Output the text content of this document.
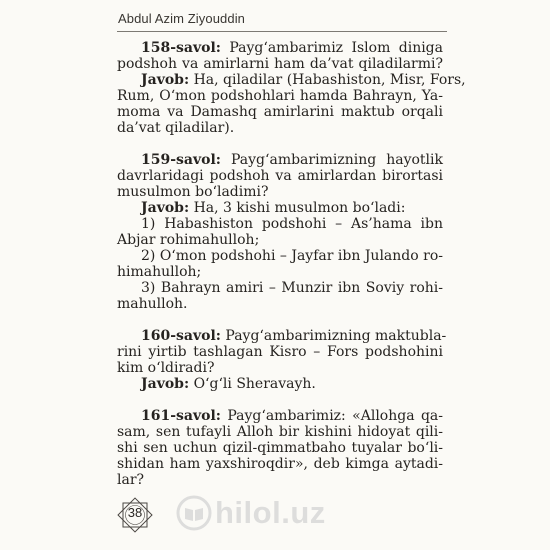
Abdul Azim Ziyouddin
158-savol: Payg‘ambarimiz Islom diniga
podshoh va amirlarni ham da’vat qiladilarmi?
Javob: Ha, qiladilar (Habashiston, Misr, Fors,
Rum, O‘mon podshohlari hamda Bahrayn, Ya-
moma va Damashq amirlarini maktub orqali
da’vat qiladilar).
159-savol: Payg‘ambarimizning hayotlik
davrlaridagi podshoh va amirlardan birortasi
musulmon bo‘ladimi?
Javob: Ha, 3 kishi musulmon bo‘ladi:
1) Habashiston podshohi – As’hama ibn
Abjar rohimahulloh;
2) O‘mon podshohi – Jayfar ibn Julando ro-
himahulloh;
3) Bahrayn amiri – Munzir ibn Soviy rohi-
mahulloh.
160-savol: Payg‘ambarimizning maktubla-
rini yirtib tashlagan Kisro – Fors podshohini
kim o‘ldiradi?
Javob: O‘g‘li Sheravayh.
161-savol: Payg‘ambarimiz: «Allohga qa-
sam, sen tufayli Alloh bir kishini hidoyat qili-
shi sen uchun qizil-qimmatbaho tuyalar bo‘li-
shidan ham yaxshiroqdir», deb kimga aytadi-
lar?
38	hilol.uz
